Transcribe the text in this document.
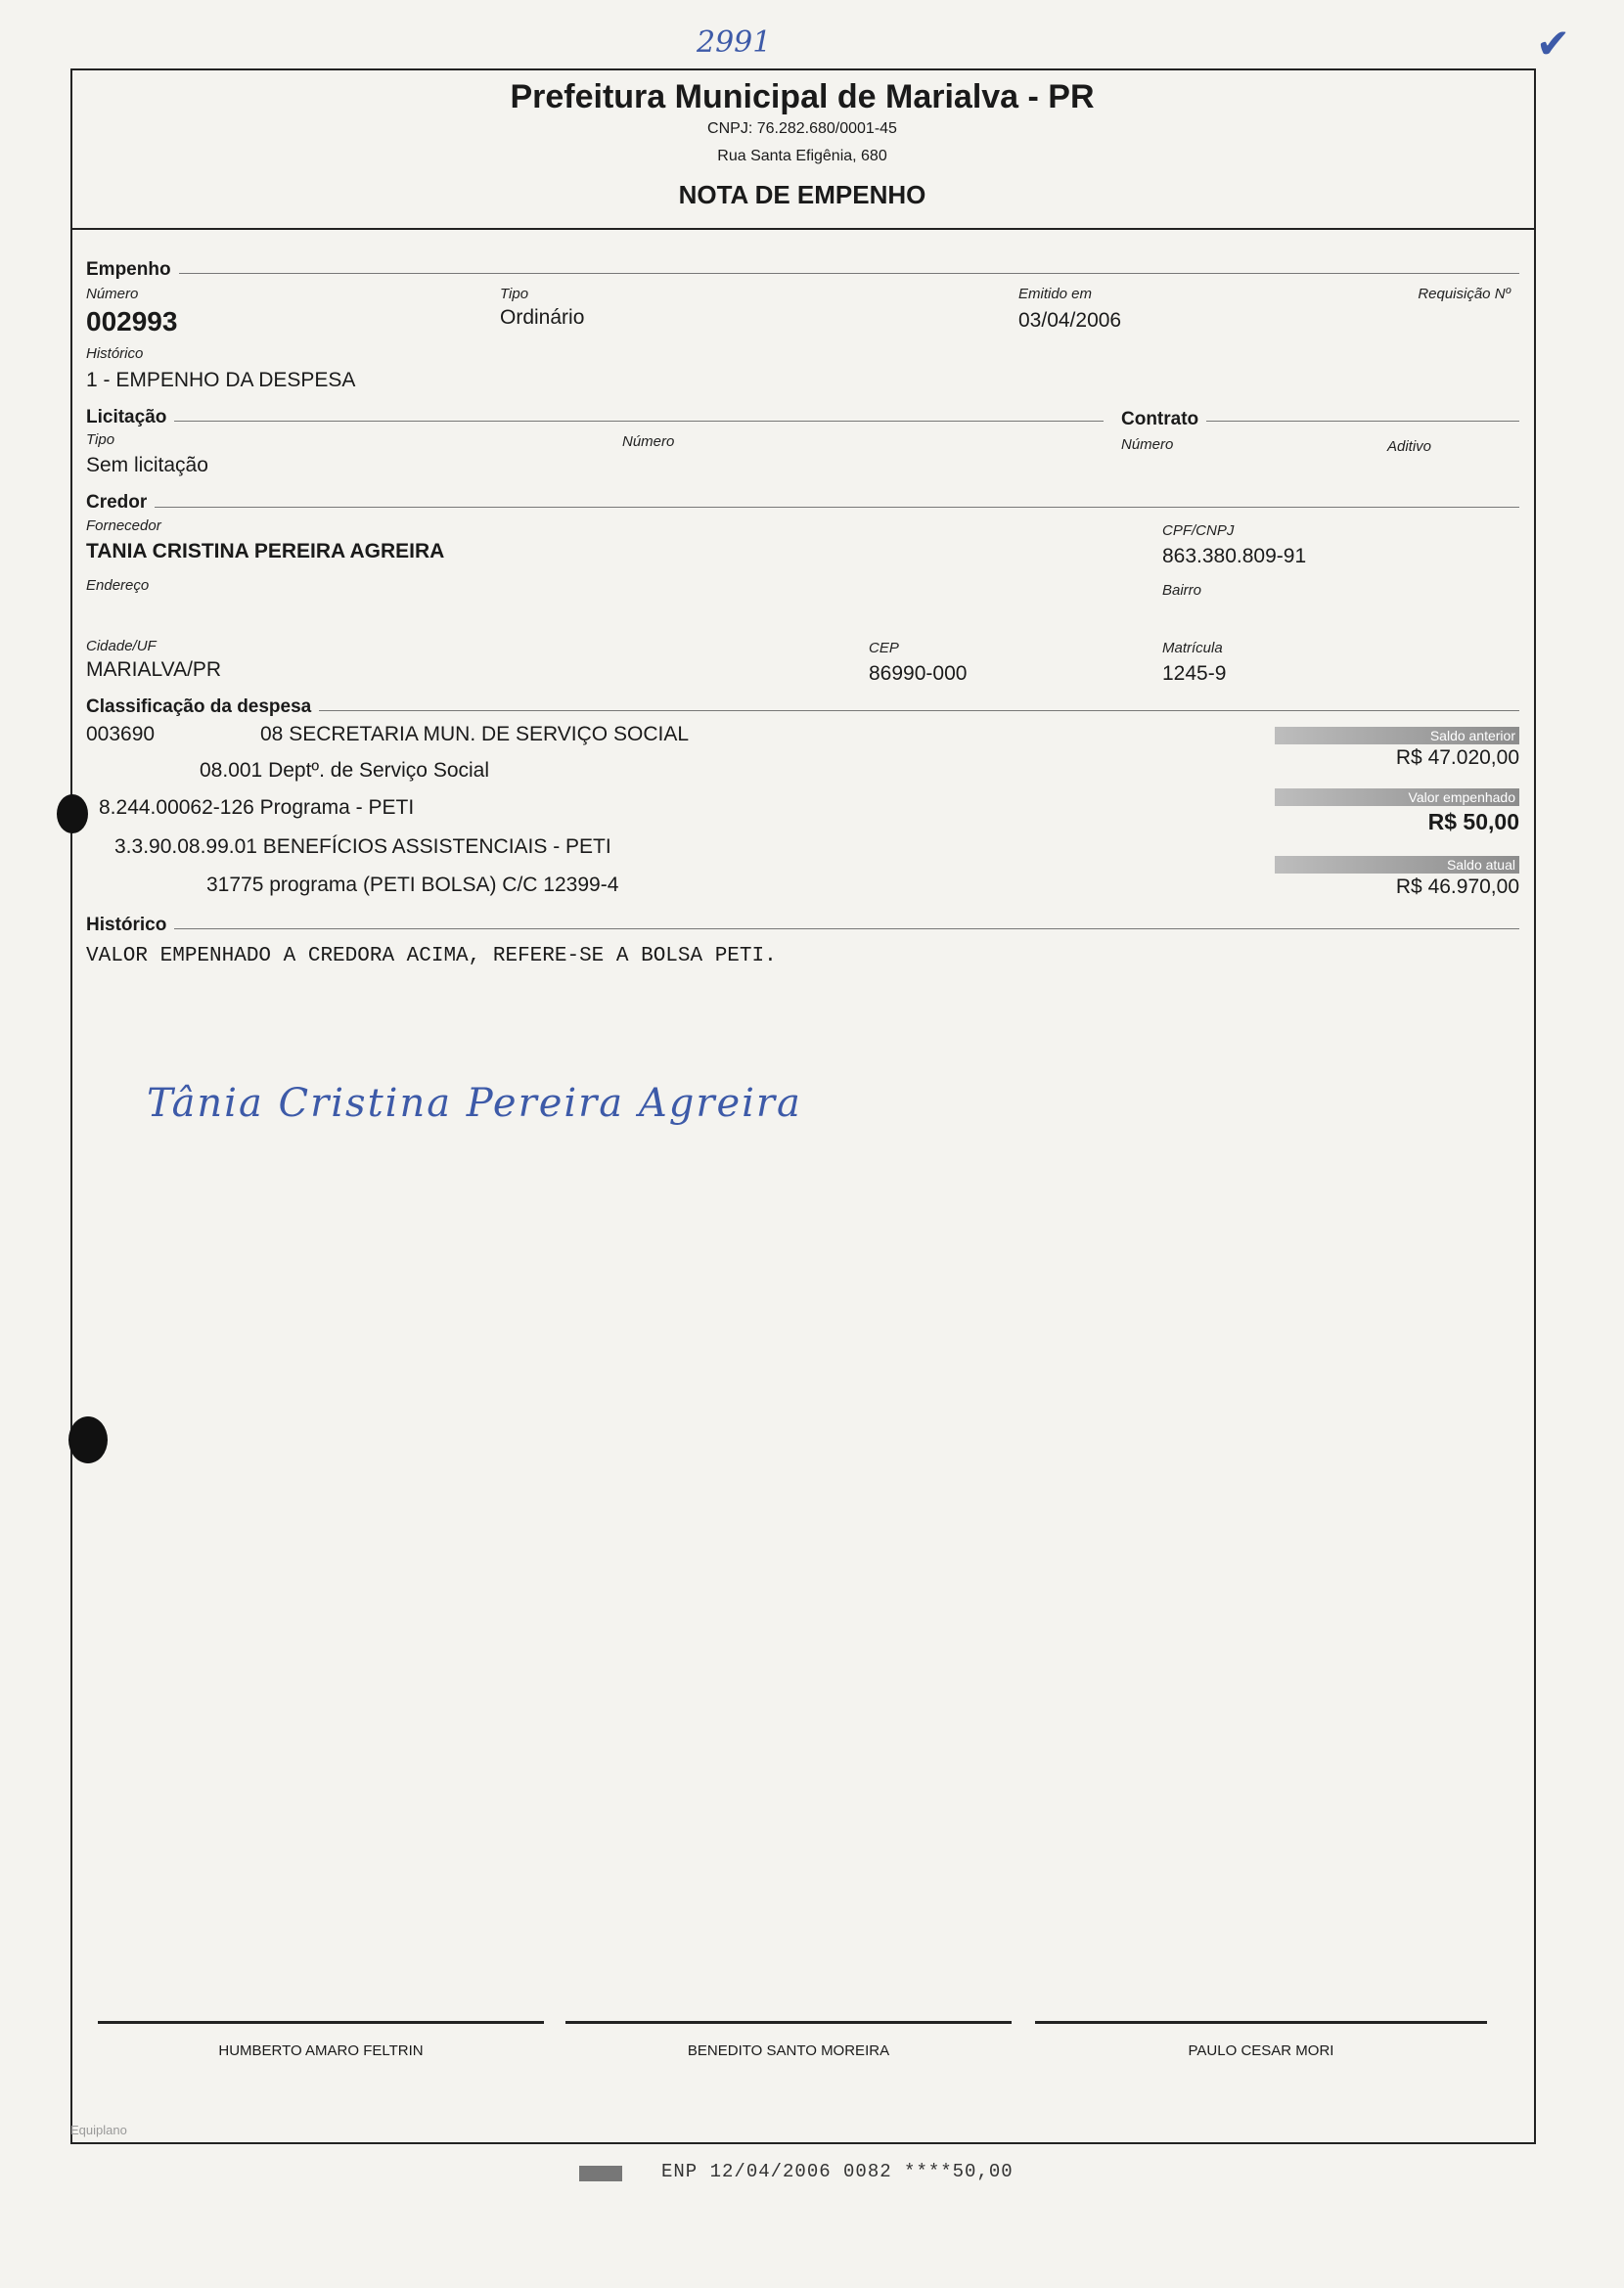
2991	✔
Prefeitura Municipal de Marialva - PR
CNPJ: 76.282.680/0001-45
Rua Santa Efigênia, 680
NOTA DE EMPENHO
Empenho
Número
002993
Tipo
Ordinário
Emitido em
03/04/2006
Requisição Nº
Histórico
1 - EMPENHO DA DESPESA
Licitação
Tipo
Sem licitação
Número
Contrato
Número	Aditivo
Credor
Fornecedor
TANIA CRISTINA PEREIRA AGREIRA
CPF/CNPJ
863.380.809-91
Endereço	Bairro
Cidade/UF
MARIALVA/PR
CEP
86990-000
Matrícula
1245-9
Classificação da despesa
003690	08 SECRETARIA MUN. DE SERVIÇO SOCIAL
08.001 Deptº. de Serviço Social
8.244.00062-126 Programa - PETI
3.3.90.08.99.01 BENEFÍCIOS ASSISTENCIAIS - PETI
31775 programa (PETI BOLSA) C/C 12399-4
Saldo anterior
R$ 47.020,00
Valor empenhado
R$ 50,00
Saldo atual
R$ 46.970,00
Histórico
VALOR EMPENHADO A CREDORA ACIMA, REFERE-SE A BOLSA PETI.
Tânia Cristina Pereira Agreira
HUMBERTO AMARO FELTRIN	BENEDITO SANTO MOREIRA	PAULO CESAR MORI
Equiplano
ENP 12/04/2006 0082 ****50,00
